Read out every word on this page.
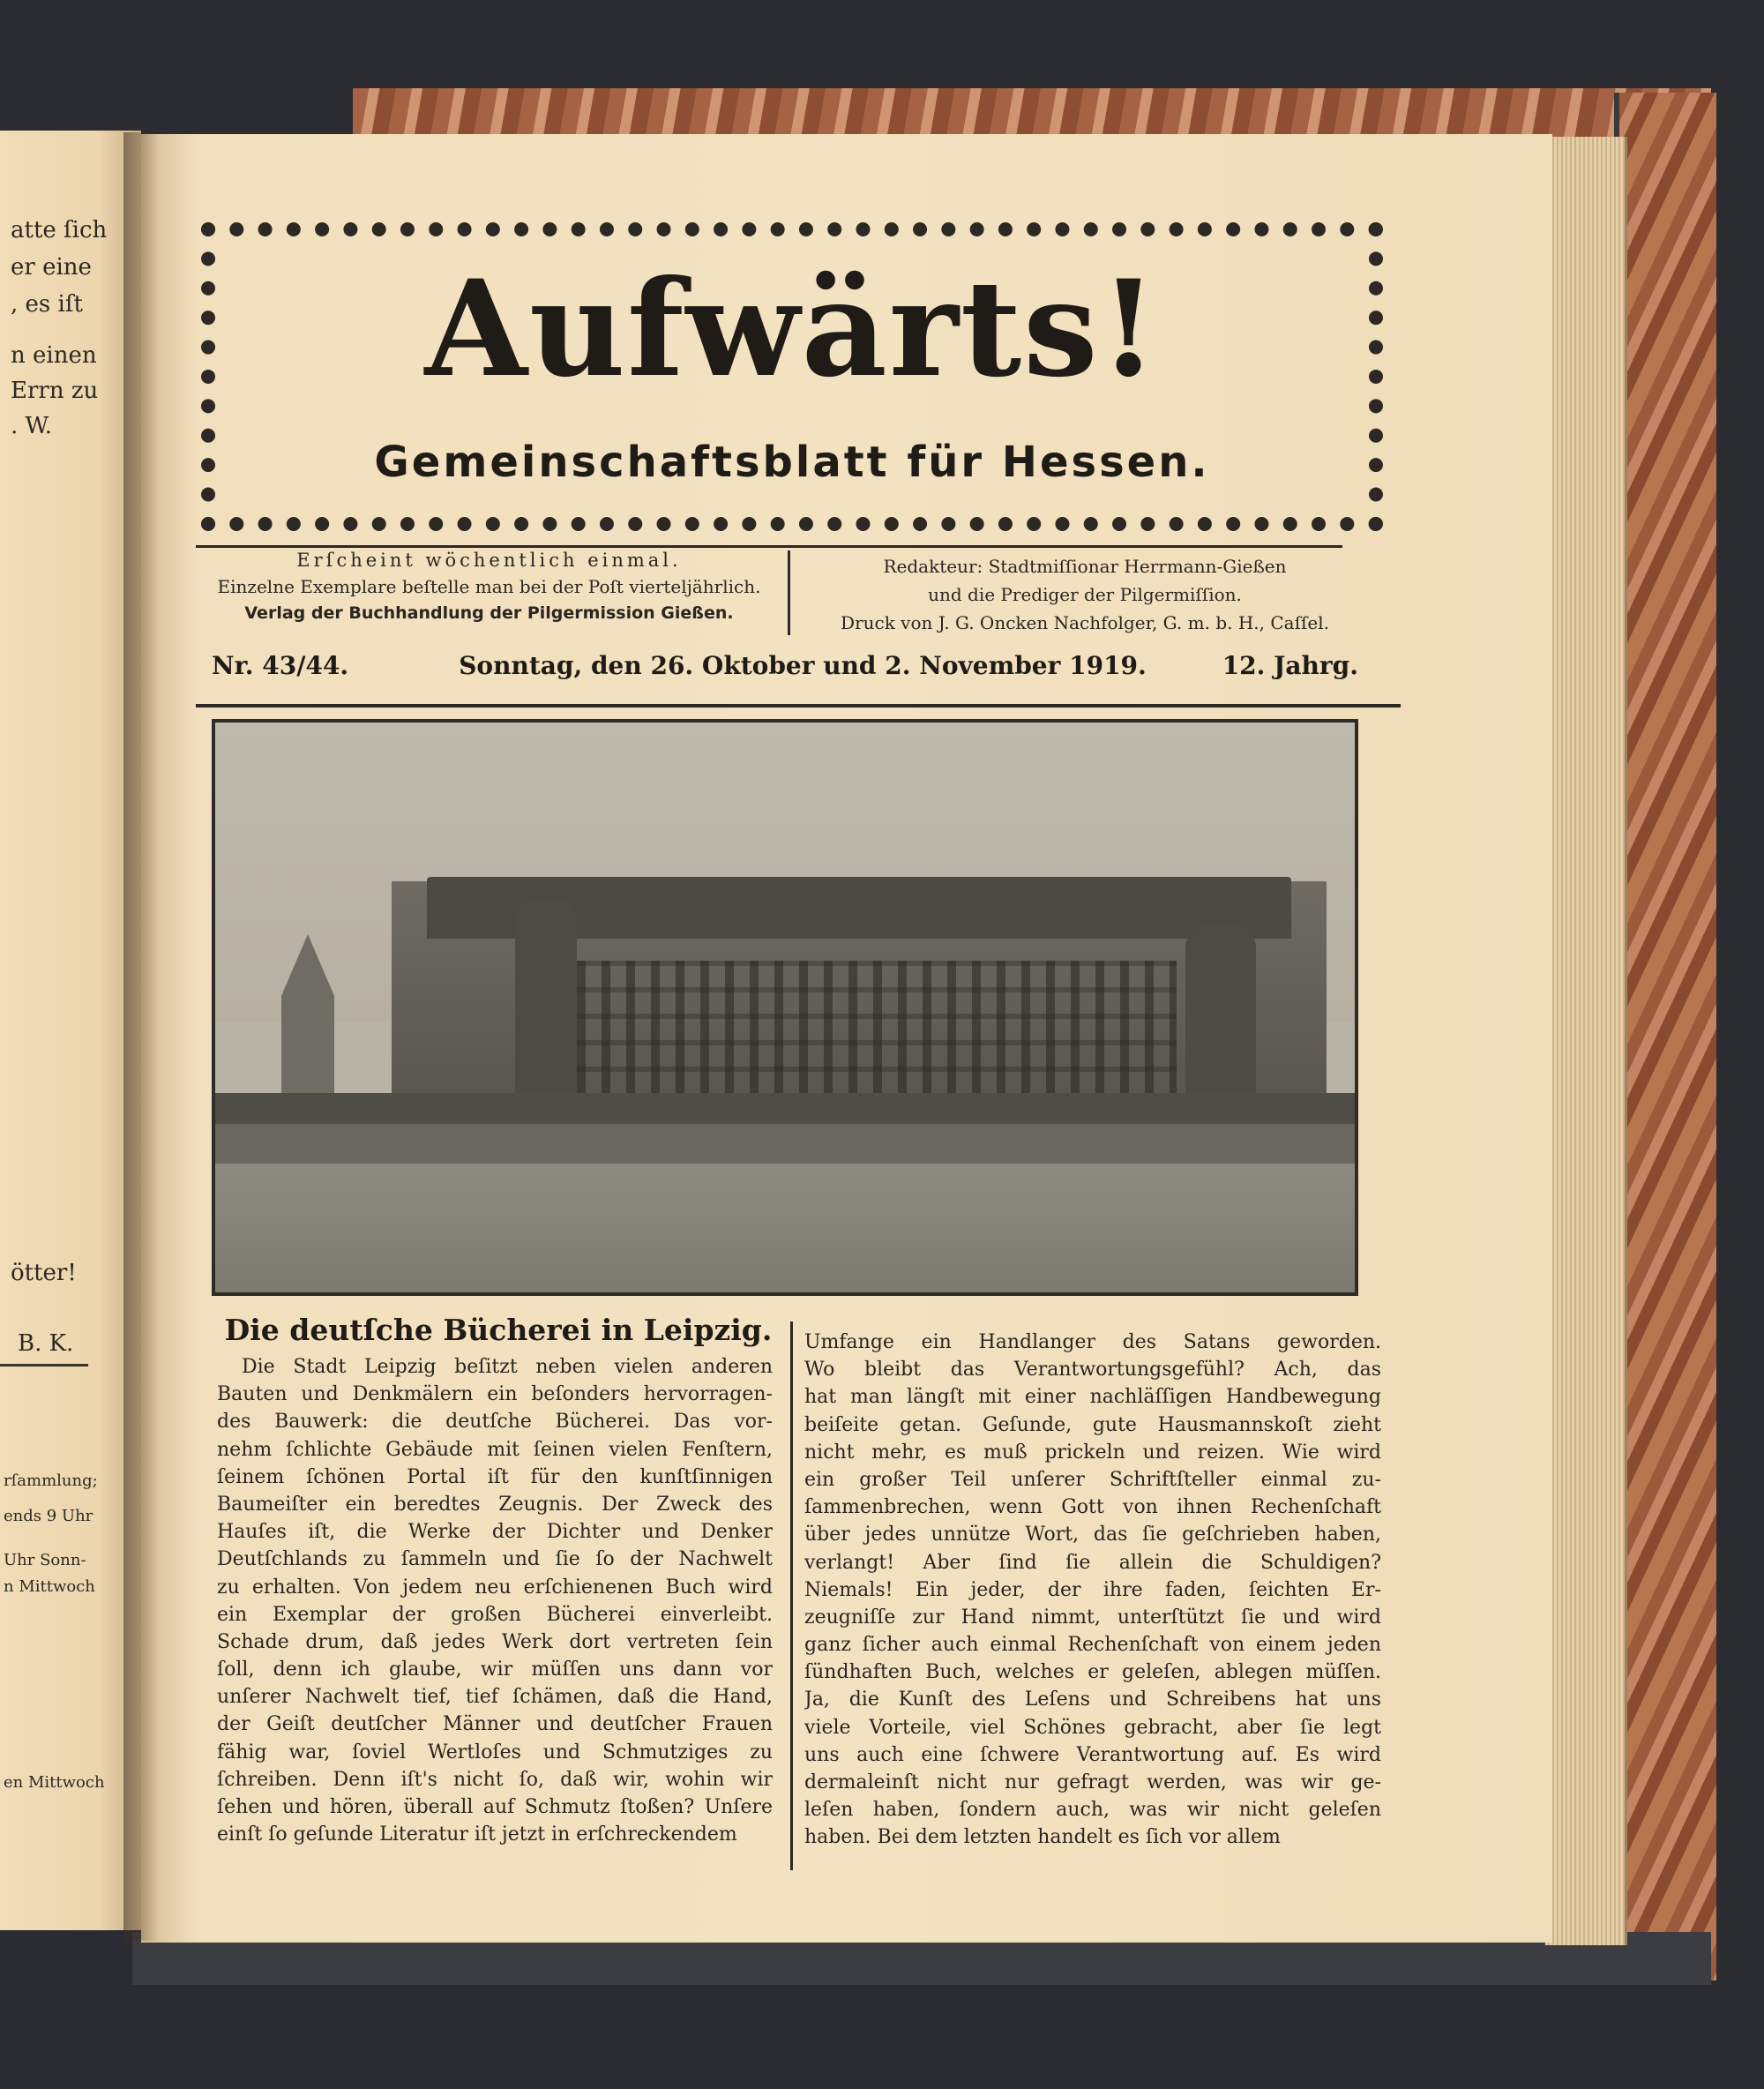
atte ſich
er eine
, es iſt
n einen
Errn zu
. W.
ötter!
B. K.
rſammlung;
ends 9 Uhr
Uhr Sonn-
n Mittwoch
en Mittwoch
Aufwärts!
Gemeinschaftsblatt für Hessen.
Erſcheint wöchentlich einmal.
Einzelne Exemplare beſtelle man bei der Poſt vierteljährlich.
Verlag der Buchhandlung der Pilgermission Gießen.
Redakteur: Stadtmiſſionar Herrmann-Gießen
und die Prediger der Pilgermiſſion.
Druck von J. G. Oncken Nachfolger, G. m. b. H., Caſſel.
Nr. 43/44.	Sonntag, den 26. Oktober und 2. November 1919.	12. Jahrg.
Die deutſche Bücherei in Leipzig.
Die Stadt Leipzig beſitzt neben vielen anderen
Bauten und Denkmälern ein beſonders hervorragen-
des Bauwerk: die deutſche Bücherei. Das vor-
nehm ſchlichte Gebäude mit ſeinen vielen Fenſtern,
ſeinem ſchönen Portal iſt für den kunſtſinnigen
Baumeiſter ein beredtes Zeugnis. Der Zweck des
Hauſes iſt, die Werke der Dichter und Denker
Deutſchlands zu ſammeln und ſie ſo der Nachwelt
zu erhalten. Von jedem neu erſchienenen Buch wird
ein Exemplar der großen Bücherei einverleibt.
Schade drum, daß jedes Werk dort vertreten ſein
ſoll, denn ich glaube, wir müſſen uns dann vor
unſerer Nachwelt tief, tief ſchämen, daß die Hand,
der Geiſt deutſcher Männer und deutſcher Frauen
fähig war, ſoviel Wertloſes und Schmutziges zu
ſchreiben. Denn iſt's nicht ſo, daß wir, wohin wir
ſehen und hören, überall auf Schmutz ſtoßen? Unſere
einſt ſo geſunde Literatur iſt jetzt in erſchreckendem
Umfange ein Handlanger des Satans geworden.
Wo bleibt das Verantwortungsgefühl? Ach, das
hat man längſt mit einer nachläſſigen Handbewegung
beiſeite getan. Geſunde, gute Hausmannskoſt zieht
nicht mehr, es muß prickeln und reizen. Wie wird
ein großer Teil unſerer Schriftſteller einmal zu-
ſammenbrechen, wenn Gott von ihnen Rechenſchaft
über jedes unnütze Wort, das ſie geſchrieben haben,
verlangt! Aber ſind ſie allein die Schuldigen?
Niemals! Ein jeder, der ihre faden, ſeichten Er-
zeugniſſe zur Hand nimmt, unterſtützt ſie und wird
ganz ſicher auch einmal Rechenſchaft von einem jeden
ſündhaften Buch, welches er geleſen, ablegen müſſen.
Ja, die Kunſt des Leſens und Schreibens hat uns
viele Vorteile, viel Schönes gebracht, aber ſie legt
uns auch eine ſchwere Verantwortung auf. Es wird
dermaleinſt nicht nur gefragt werden, was wir ge-
leſen haben, ſondern auch, was wir nicht geleſen
haben. Bei dem letzten handelt es ſich vor allem
